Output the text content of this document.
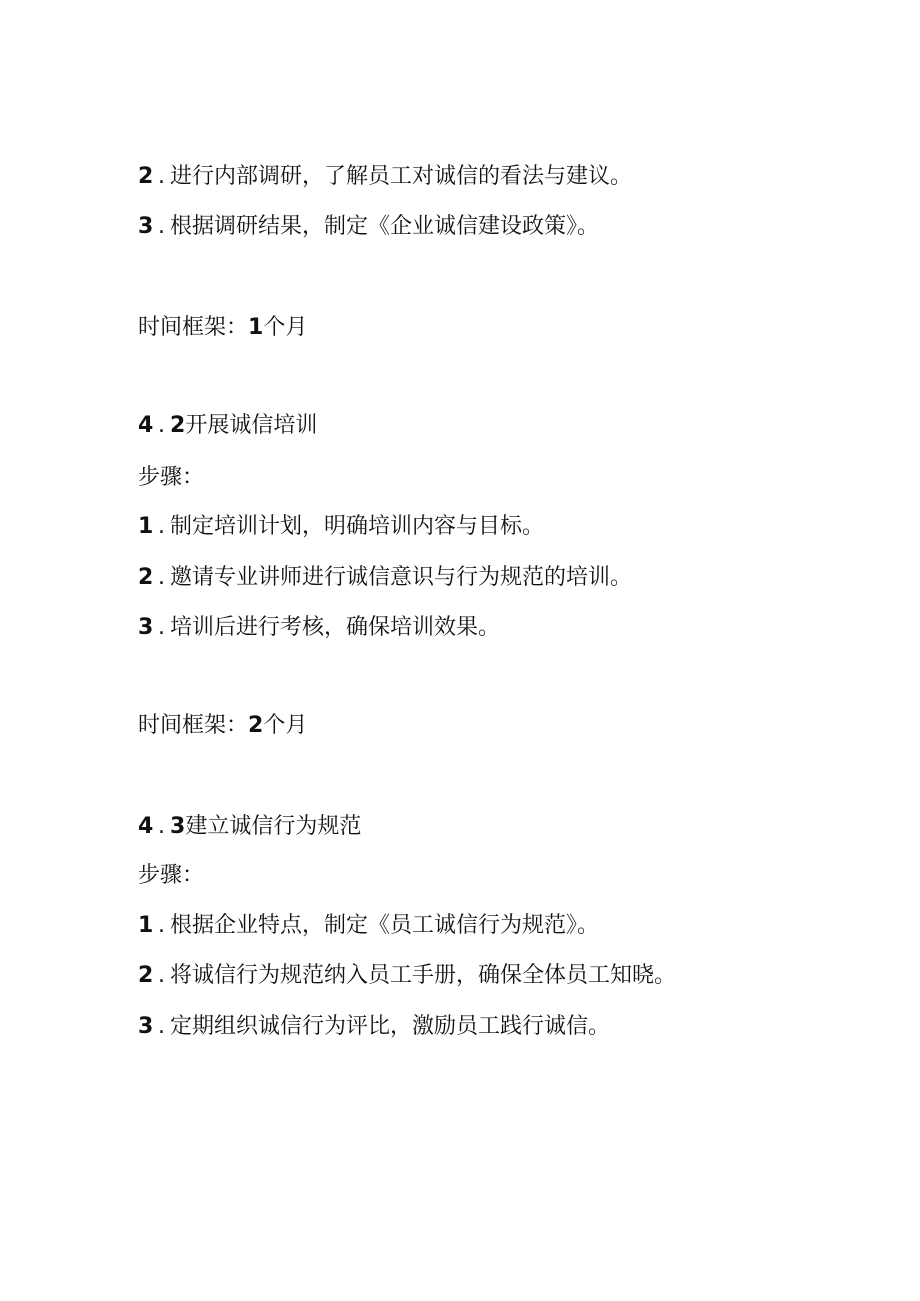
2 . 进行内部调研，了解员工对诚信的看法与建议。

3 . 根据调研结果，制定《企业诚信建设政策》。

时间框架：1个月

4 . 2开展诚信培训

步骤：

1 . 制定培训计划，明确培训内容与目标。

2 . 邀请专业讲师进行诚信意识与行为规范的培训。

3 . 培训后进行考核，确保培训效果。

时间框架：2个月

4 . 3建立诚信行为规范

步骤：

1 . 根据企业特点，制定《员工诚信行为规范》。

2 . 将诚信行为规范纳入员工手册，确保全体员工知晓。

3 . 定期组织诚信行为评比，激励员工践行诚信。
